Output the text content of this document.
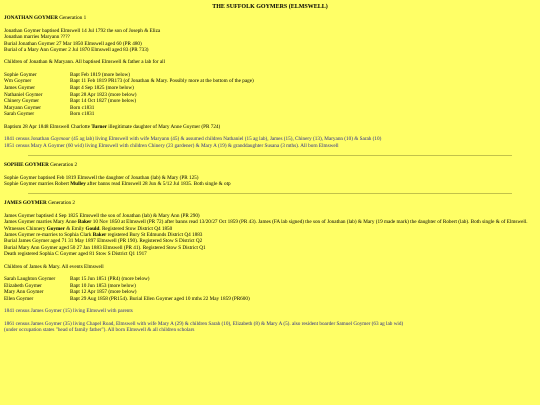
THE SUFFOLK GOYMERS (ELMSWELL)
JONATHAN GOYMER Generation 1

Jonathan Goymer baptised Elmswell 14 Jul 1792 the son of Joseph & Eliza

Jonathan marries Maryann ????

Burial Jonathan Goymer 27 Mar 1850 Elmswell aged 60 (PR 480)

Burial of a Mary Ann Goymer 2 Jul 1870 Elmswell aged 83 (PR 733)

Children of Jonathan & Maryann. All baptised Elmswell & father a lab for all

Sophie Goymer	Bapt Feb 1819 (more below)
Wm Goymer	Bapt 11 Feb 1819 PR173 (of Jonathan & Mary. Possibly more at the bottom of the page)
James Goymer	Bapt 4 Sep 1825 (more below)
Nathaniel Goymer	Bapt 28 Apr 1823 (more below)
Chinery Goymer	Bapt 14 Oct 1827 (more below)
Maryann Goymer	Born c1831
Sarah Goymer	Born c1831

Baptism 28 Apr 1848 Elmswell Charlotte Turner illegitimate daughter of Mary Anne Goymer (PR 724)

1841 census Jonathan Gaymour (45 ag lab) living Elmswell with wife Maryann (45) & assumed children Nathaniel (15 ag lab), James (15), Chinery (13), Maryann (10) & Sarah (10)

1851 census Mary A Goymer (60 wid) living Elmswell with children Chinery (23 gardener) & Mary A (19) & granddaughter Susana (3 mths). All born Elmswell

SOPHIE GOYMER Generation 2

Sophie Goymer baptised Feb 1819 Elmswell the daughter of Jonathan (lab) & Mary (PR 125)

Sophie Goymer marries Robert Mulley after banns read Elmswell 28 Jun & 5/12 Jul 1835. Both single & otp

JAMES GOYMER Generation 2

James Goymer baptised 4 Sep 1825 Elmswell the son of Jonathan (lab) & Mary Ann (PR 290)

James Goymer marries Mary Anne Baker 10 Nov 1850 at Elmswell (PR 72) after banns read 13/20/27 Oct 1859 (PR 43). James (FA lab signed) the son of Jonathan (lab) & Mary (19 made mark) the daughter of Robert (lab). Both single & of Elmswell. Witnesses Chinnery Goymer & Emily Gould. Registered Stow District Q4 1850

James Goymer re-marries to Sophia Clark Baker registered Bury St Edmunds District Q4 1883

Burial James Goymer aged 71 31 May 1897 Elmswell (PR 190). Registered Stow S District Q2

Burial Mary Ann Goymer aged 50 27 Jan 1883 Elmswell (PR 41). Registered Stow S District Q1

Death registered Sophia C Goymer aged 81 Stow S District Q1 1917

Children of James & Mary. All events Elmswell

Sarah Laughton Goymer	Bapt 15 Jun 1851 (PR4) (more below)
Elizabeth Goymer	Bapt 10 Jun 1853 (more below)
Mary Ann Goymer	Bapt 12 Apr 1857 (more below)
Ellen Goymer	Bapt 29 Aug 1858 (PR154). Burial Ellen Goymer aged 10 mths 22 May 1859 (PR600)

1841 census James Goymer (15) living Elmswell with parents

1861 census James Goymer (35) living Chapel Road, Elmswell with wife Mary A (29) & children Sarah (10), Elizabeth (8) & Mary A (5). also resident boarder Samuel Goymer (63 ag lab wid)

(under occupation states "head of family father"). All born Elmswell & all children scholars
